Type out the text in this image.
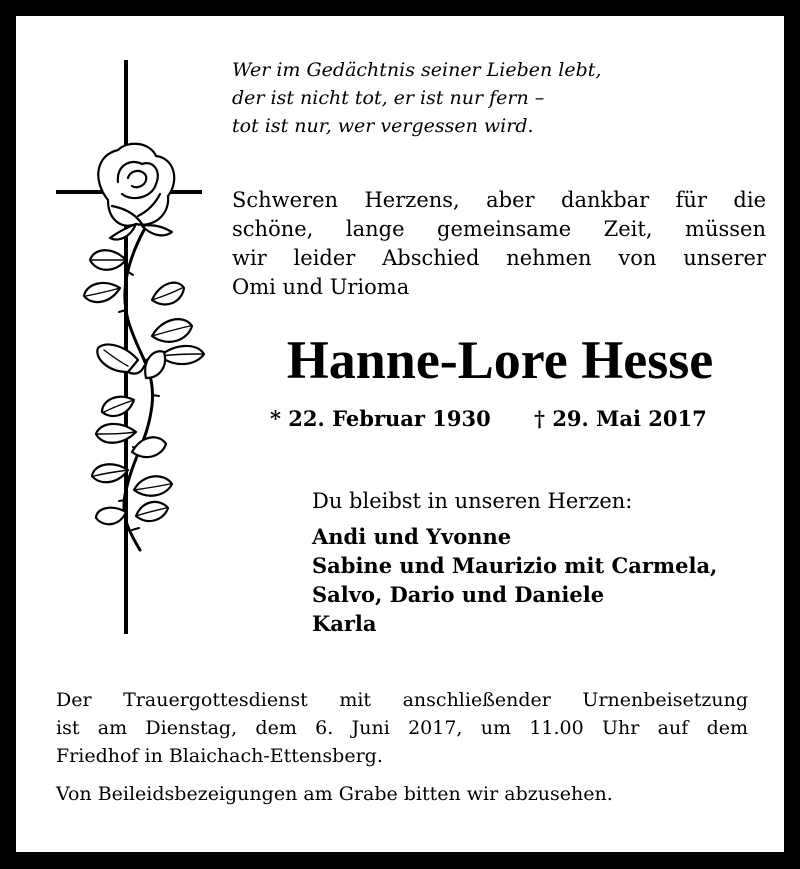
Wer im Gedächtnis seiner Lieben lebt,
der ist nicht tot, er ist nur fern –
tot ist nur, wer vergessen wird.
Schweren Herzens, aber dankbar für die
schöne, lange gemeinsame Zeit, müssen
wir leider Abschied nehmen von unserer
Omi und Urioma
Hanne-Lore Hesse
* 22. Februar 1930 † 29. Mai 2017
Du bleibst in unseren Herzen:
Andi und Yvonne
Sabine und Maurizio mit Carmela,
Salvo, Dario und Daniele
Karla
Der Trauergottesdienst mit anschließender Urnenbeisetzung
ist am Dienstag, dem 6. Juni 2017, um 11.00 Uhr auf dem
Friedhof in Blaichach-Ettensberg.
Von Beileidsbezeigungen am Grabe bitten wir abzusehen.
